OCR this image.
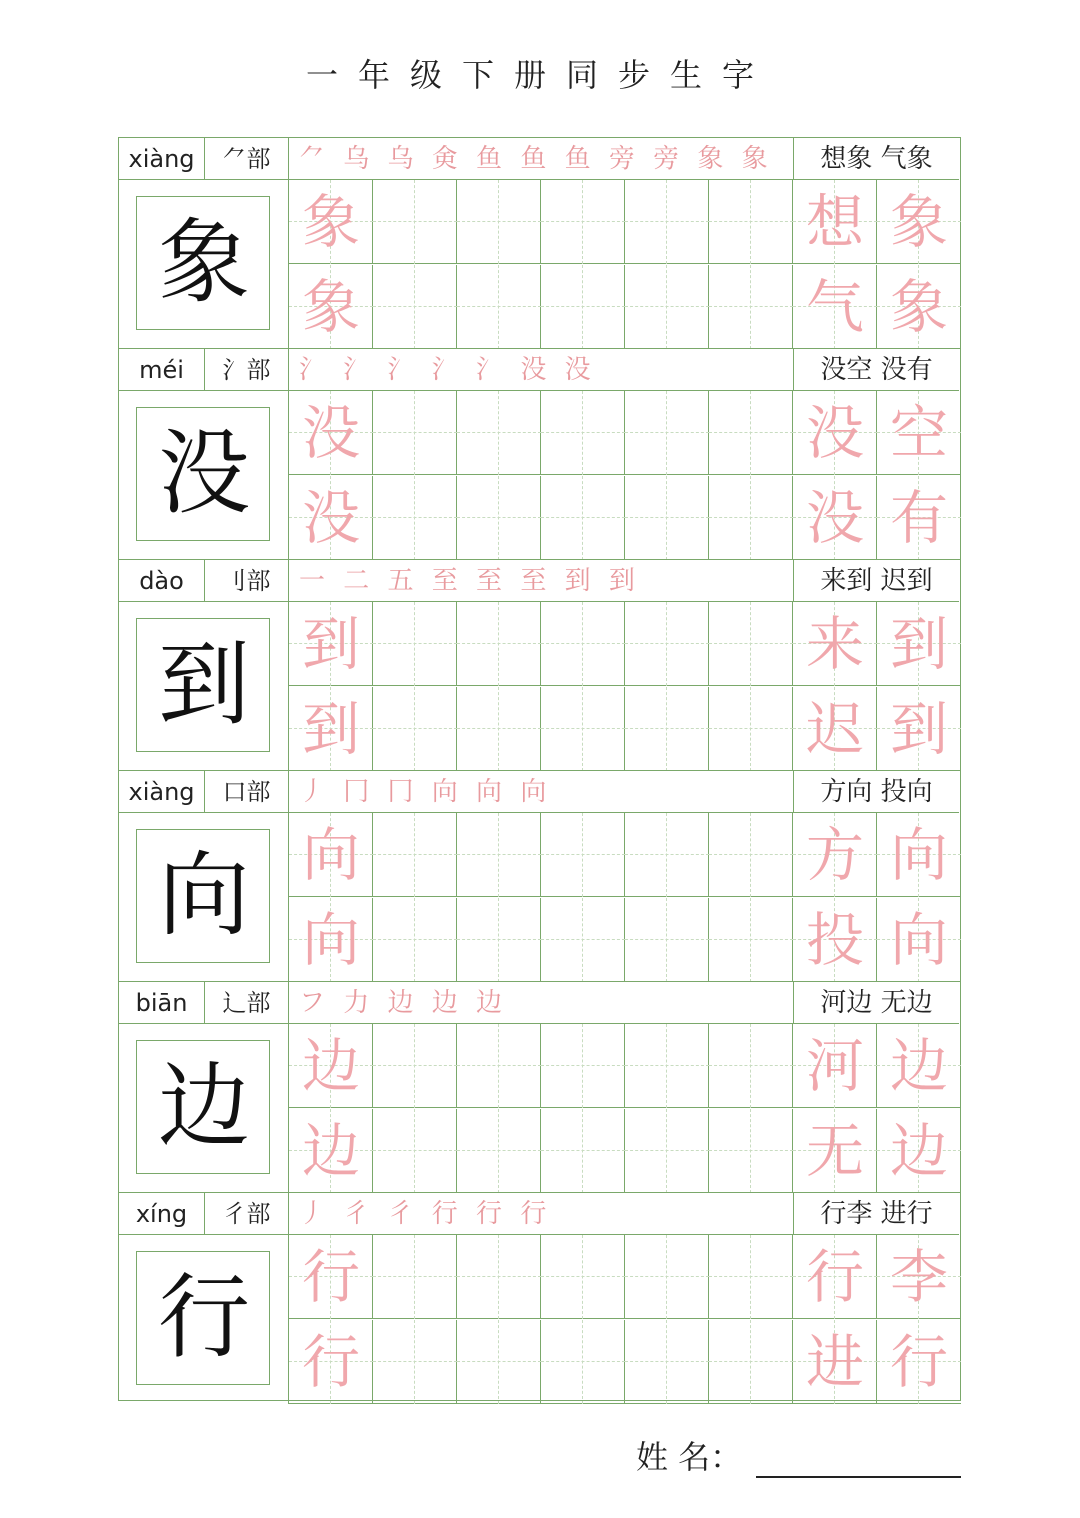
一年级下册同步生字
xiàng	⺈部	⺈ 乌 乌 㑒 鱼 鱼 鱼 旁 旁 象 象	想象 气象
象 象	想 象
象	气 象
méi	氵部	氵 氵 氵 氵 氵 没 没	没空 没有
没 没	没 空
没	没 有
dào	刂部	一 二 五 至 至 至 到 到	来到 迟到
到 到	来 到
到	迟 到
xiàng	口部	丿 冂 冂 向 向 向	方向 投向
向 向	方 向
向	投 向
biān	辶部	フ 力 边 边 边	河边 无边
边 边	河 边
边	无 边
xíng	彳部	丿 彳 彳 行 行 行	行李 进行
行 行	行 李
行	进 行
姓 名：
